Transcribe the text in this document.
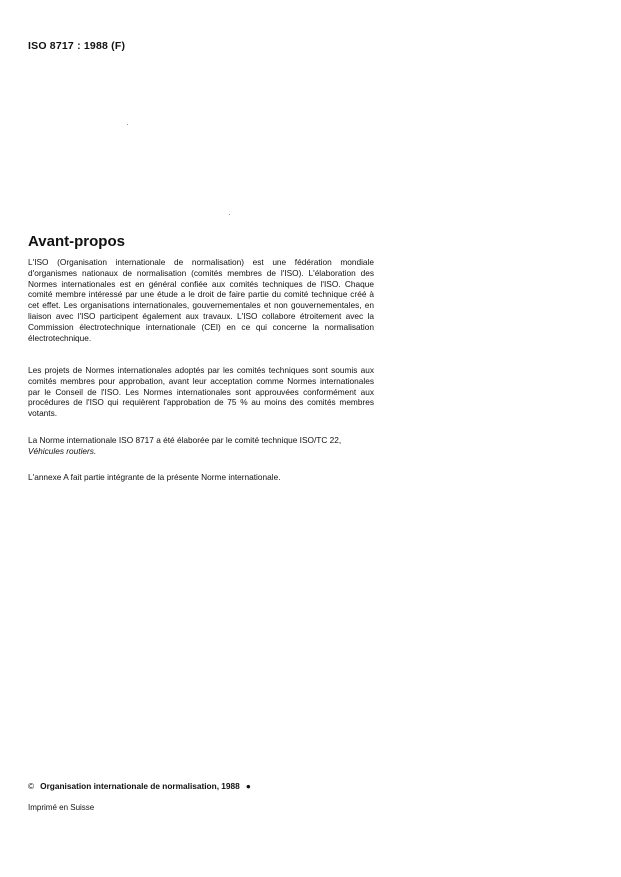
ISO 8717 : 1988 (F)
Avant-propos
L'ISO (Organisation internationale de normalisation) est une fédération mondiale d'organismes nationaux de normalisation (comités membres de l'ISO). L'élaboration des Normes internationales est en général confiée aux comités techniques de l'ISO. Chaque comité membre intéressé par une étude a le droit de faire partie du comité technique créé à cet effet. Les organisations internationales, gouvernementales et non gouvernementales, en liaison avec l'ISO participent également aux travaux. L'ISO collabore étroitement avec la Commission électrotechnique internationale (CEI) en ce qui concerne la normalisation électrotechnique.
Les projets de Normes internationales adoptés par les comités techniques sont soumis aux comités membres pour approbation, avant leur acceptation comme Normes internationales par le Conseil de l'ISO. Les Normes internationales sont approuvées conformément aux procédures de l'ISO qui requièrent l'approbation de 75 % au moins des comités membres votants.
La Norme internationale ISO 8717 a été élaborée par le comité technique ISO/TC 22,
Véhicules routiers.
L'annexe A fait partie intégrante de la présente Norme internationale.
© Organisation internationale de normalisation, 1988 ●
Imprimé en Suisse
